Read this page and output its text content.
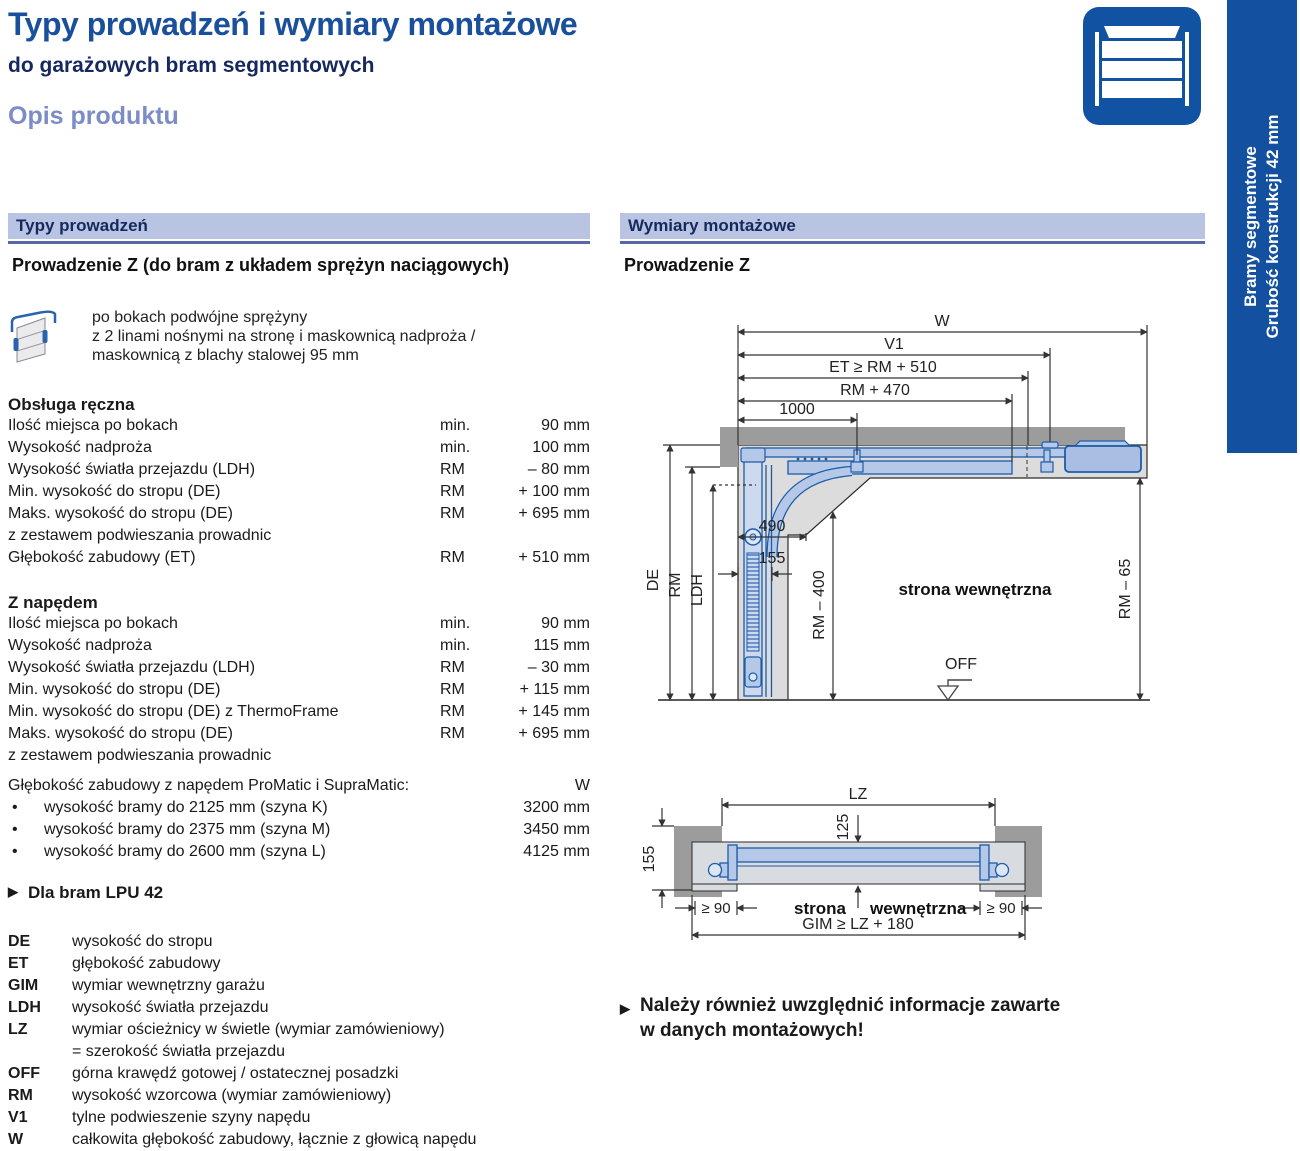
Typy prowadzeń i wymiary montażowe
do garażowych bram segmentowych
Opis produktu
Bramy segmentowe Grubość konstrukcji 42 mm
Typy prowadzeń
Prowadzenie Z (do bram z układem sprężyn naciągowych)
po bokach podwójne sprężyny
z 2 linami nośnymi na stronę i maskownicą nadproża /
maskownicą z blachy stalowej 95 mm
Obsługa ręczna
Ilość miejsca po bokach	min.	90 mm
Wysokość nadproża	min.	100 mm
Wysokość światła przejazdu (LDH)	RM	– 80 mm
Min. wysokość do stropu (DE)	RM	+ 100 mm
Maks. wysokość do stropu (DE)	RM	+ 695 mm
z zestawem podwieszania prowadnic
Głębokość zabudowy (ET)	RM	+ 510 mm
Z napędem
Ilość miejsca po bokach	min.	90 mm
Wysokość nadproża	min.	115 mm
Wysokość światła przejazdu (LDH)	RM	– 30 mm
Min. wysokość do stropu (DE)	RM	+ 115 mm
Min. wysokość do stropu (DE) z ThermoFrame	RM	+ 145 mm
Maks. wysokość do stropu (DE)	RM	+ 695 mm
z zestawem podwieszania prowadnic
Głębokość zabudowy z napędem ProMatic i SupraMatic:	W
•	wysokość bramy do 2125 mm (szyna K)	3200 mm
•	wysokość bramy do 2375 mm (szyna M)	3450 mm
•	wysokość bramy do 2600 mm (szyna L)	4125 mm
▶ Dla bram LPU 42
DE	wysokość do stropu
ET	głębokość zabudowy
GIM	wymiar wewnętrzny garażu
LDH	wysokość światła przejazdu
LZ	wymiar ościeżnicy w świetle (wymiar zamówieniowy)
= szerokość światła przejazdu
OFF	górna krawędź gotowej / ostatecznej posadzki
RM	wysokość wzorcowa (wymiar zamówieniowy)
V1	tylne podwieszenie szyny napędu
W	całkowita głębokość zabudowy, łącznie z głowicą napędu
Wymiary montażowe
Prowadzenie Z
W
V1
ET ≥ RM + 510
RM + 470
1000
DE RM LDH
490
155
RM – 400	RM – 65
strona wewnętrzna
OFF
LZ
125
155
≥ 90	≥ 90
strona wewnętrzna
GIM ≥ LZ + 180
▶ Należy również uwzględnić informacje zawarte
w danych montażowych!
